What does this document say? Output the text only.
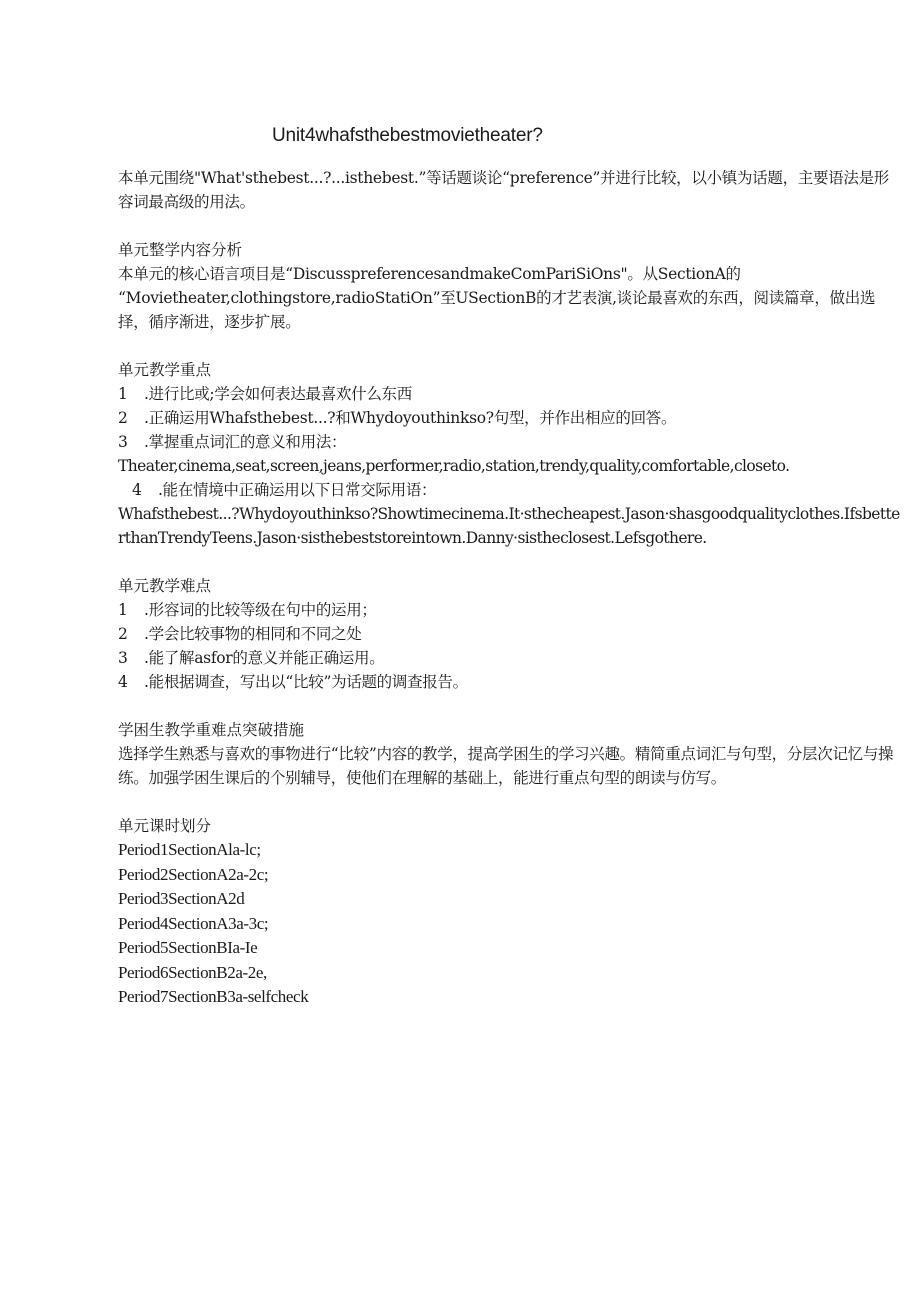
Unit4whafsthebestmovietheater?

本单元围绕"What'sthebest...?...isthebest.”等话题谈论“preference”并进行比较，以小镇为话题，主要语法是形容词最高级的用法。

单元整学内容分析

本单元的核心语言项目是“DiscusspreferencesandmakeComPariSiOns"。从SectionA的

“Movietheater,clothingstore,radioStatiOn”至USectionB的才艺表演,谈论最喜欢的东西，阅读篇章，做出选择，循序渐进，逐步扩展。

单元教学重点

1 .进行比或;学会如何表达最喜欢什么东西

2 .正确运用Whafsthebest...?和Whydoyouthinkso?句型，并作出相应的回答。

3 .掌握重点词汇的意义和用法：

Theater,cinema,seat,screen,jeans,performer,radio,station,trendy,quality,comfortable,closeto.

4 .能在情境中正确运用以下日常交际用语：

Whafsthebest...?Whydoyouthinkso?Showtimecinema.It·sthecheapest.Jason·shasgoodqualityclothes.IfsbetterthanTrendyTeens.Jason·sisthebeststoreintown.Danny·sistheclosest.Lefsgothere.

单元教学难点

1 .形容词的比较等级在句中的运用；

2 .学会比较事物的相同和不同之处

3 .能了解asfor的意义并能正确运用。

4 .能根据调查，写出以“比较”为话题的调查报告。

学困生教学重难点突破措施

选择学生熟悉与喜欢的事物进行“比较”内容的教学，提高学困生的学习兴趣。精简重点词汇与句型，分层次记忆与操练。加强学困生课后的个别辅导，使他们在理解的基础上，能进行重点句型的朗读与仿写。

单元课时划分

Period1SectionAla-lc;

Period2SectionA2a-2c;

Period3SectionA2d

Period4SectionA3a-3c;

Period5SectionBIa-Ie

Period6SectionB2a-2e,

Period7SectionB3a-selfcheck
